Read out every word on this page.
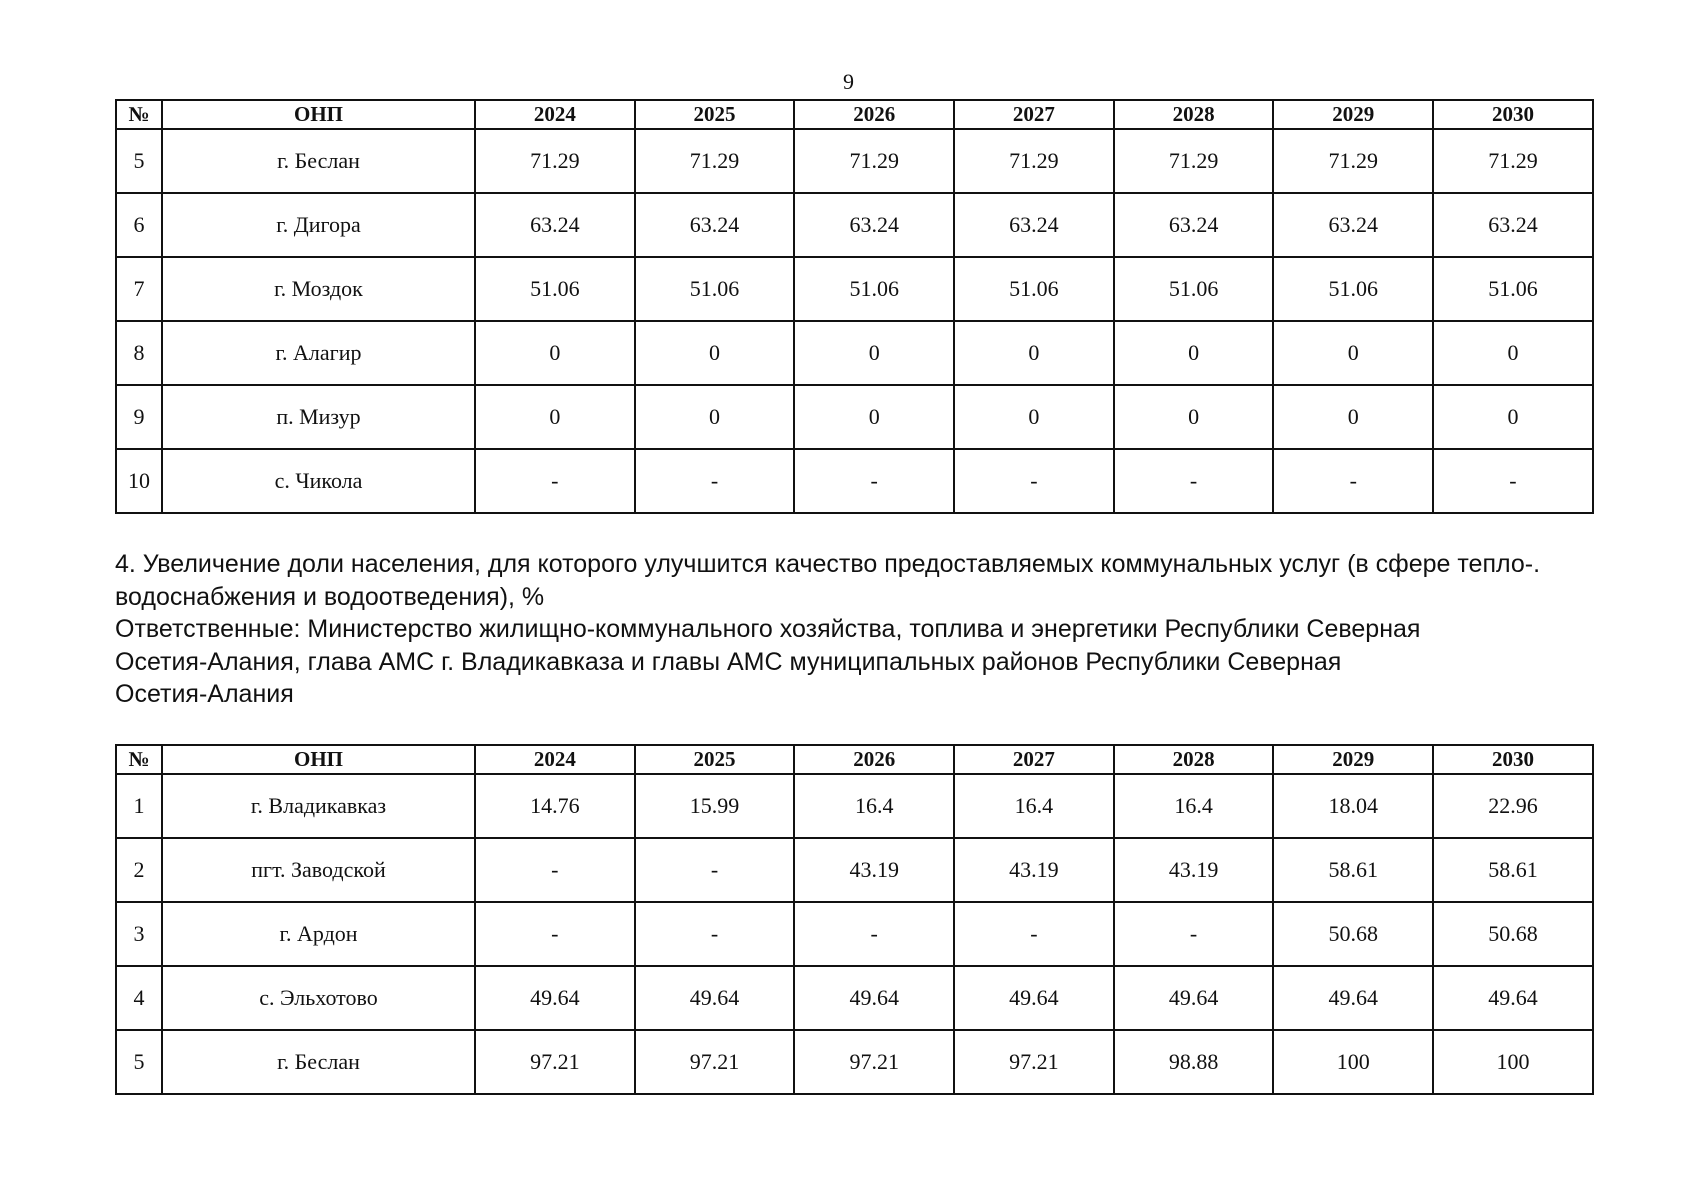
9
№	ОНП	2024	2025	2026	2027	2028	2029	2030
5	г. Беслан	71.29	71.29	71.29	71.29	71.29	71.29	71.29
6	г. Дигора	63.24	63.24	63.24	63.24	63.24	63.24	63.24
7	г. Моздок	51.06	51.06	51.06	51.06	51.06	51.06	51.06
8	г. Алагир	0	0	0	0	0	0	0
9	п. Мизур	0	0	0	0	0	0	0
10	с. Чикола	-	-	-	-	-	-	-

4. Увеличение доли населения, для которого улучшится качество предоставляемых коммунальных услуг (в сфере тепло-.

водоснабжения и водоотведения), %

Ответственные: Министерство жилищно-коммунального хозяйства, топлива и энергетики Республики Северная

Осетия-Алания, глава АМС г. Владикавказа и главы АМС муниципальных районов Республики Северная

Осетия-Алания

№	ОНП	2024	2025	2026	2027	2028	2029	2030
1	г. Владикавказ	14.76	15.99	16.4	16.4	16.4	18.04	22.96
2	пгт. Заводской	-	-	43.19	43.19	43.19	58.61	58.61
3	г. Ардон	-	-	-	-	-	50.68	50.68
4	с. Эльхотово	49.64	49.64	49.64	49.64	49.64	49.64	49.64
5	г. Беслан	97.21	97.21	97.21	97.21	98.88	100	100
